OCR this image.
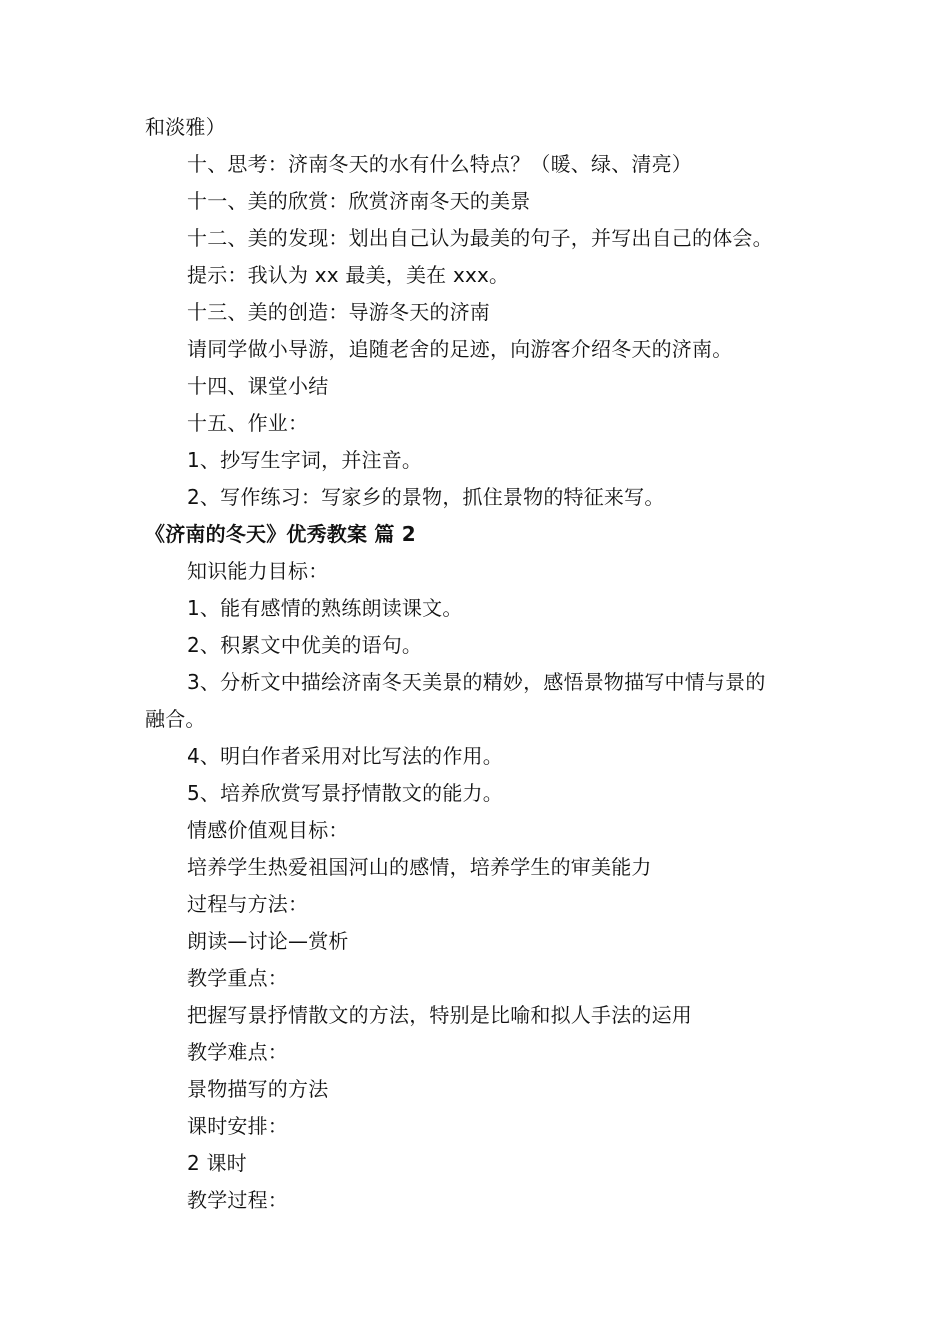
和淡雅）
十、思考：济南冬天的水有什么特点？（暖、绿、清亮）
十一、美的欣赏：欣赏济南冬天的美景
十二、美的发现：划出自己认为最美的句子，并写出自己的体会。
提示：我认为 xx 最美，美在 xxx。
十三、美的创造：导游冬天的济南
请同学做小导游，追随老舍的足迹，向游客介绍冬天的济南。
十四、课堂小结
十五、作业：
1、抄写生字词，并注音。
2、写作练习：写家乡的景物，抓住景物的特征来写。
《济南的冬天》优秀教案 篇 2
知识能力目标：
1、能有感情的熟练朗读课文。
2、积累文中优美的语句。
3、分析文中描绘济南冬天美景的精妙，感悟景物描写中情与景的
融合。
4、明白作者采用对比写法的作用。
5、培养欣赏写景抒情散文的能力。
情感价值观目标：
培养学生热爱祖国河山的感情，培养学生的审美能力
过程与方法：
朗读—讨论—赏析
教学重点：
把握写景抒情散文的方法，特别是比喻和拟人手法的运用
教学难点：
景物描写的方法
课时安排：
2 课时
教学过程：
